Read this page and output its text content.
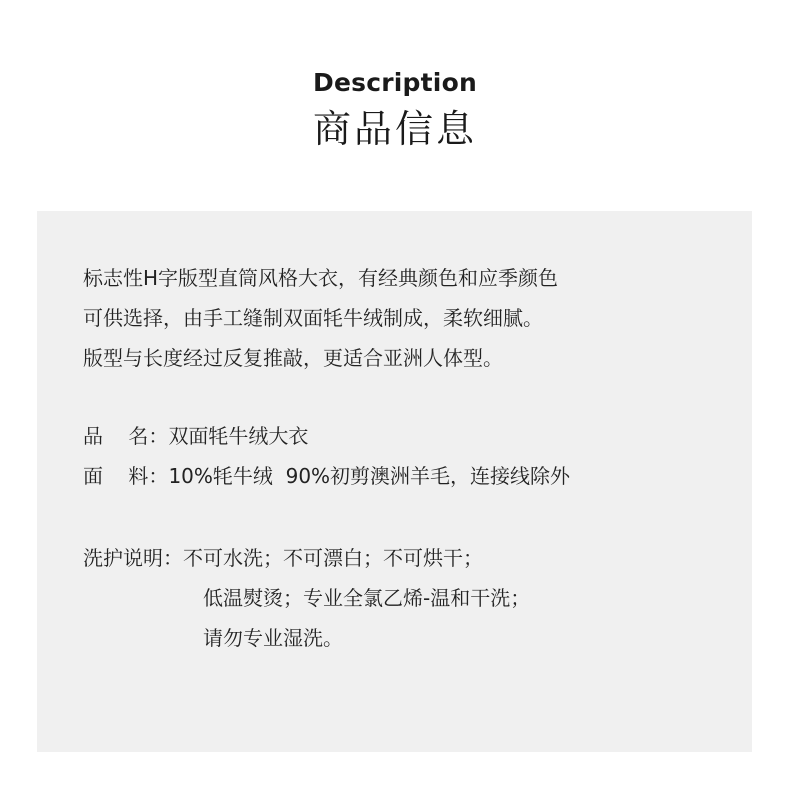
Description
商品信息
标志性H字版型直筒风格大衣，有经典颜色和应季颜色
可供选择，由手工缝制双面牦牛绒制成，柔软细腻。
版型与长度经过反复推敲，更适合亚洲人体型。
品    名： 双面牦牛绒大衣
面    料： 10%牦牛绒  90%初剪澳洲羊毛，连接线除外
洗护说明： 不可水洗；不可漂白；不可烘干；
低温熨烫；专业全氯乙烯-温和干洗；
请勿专业湿洗。
